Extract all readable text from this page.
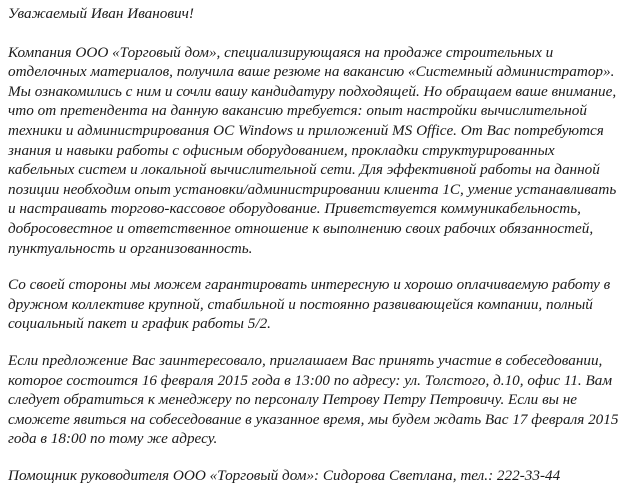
Уважаемый Иван Иванович!

Компания ООО «Торговый дом», специализирующаяся на продаже строительных и отделочных материалов, получила ваше резюме на вакансию «Системный администратор». Мы ознакомились с ним и сочли вашу кандидатуру подходящей. Но обращаем ваше внимание, что от претендента на данную вакансию требуется: опыт настройки вычислительной техники и администрирования ОС Windows и приложений MS Office. От Вас потребуются знания и навыки работы с офисным оборудованием, прокладки структурированных кабельных систем и локальной вычислительной сети. Для эффективной работы на данной позиции необходим опыт установки/администрировании клиента 1С, умение устанавливать и настраивать торгово-кассовое оборудование. Приветствуется коммуникабельность, добросовестное и ответственное отношение к выполнению своих рабочих обязанностей, пунктуальность и организованность.

Со своей стороны мы можем гарантировать интересную и хорошо оплачиваемую работу в дружном коллективе крупной, стабильной и постоянно развивающейся компании, полный социальный пакет и график работы 5/2.

Если предложение Вас заинтересовало, приглашаем Вас принять участие в собеседовании, которое состоится 16 февраля 2015 года в 13:00 по адресу: ул. Толстого, д.10, офис 11. Вам следует обратиться к менеджеру по персоналу Петрову Петру Петровичу. Если вы не сможете явиться на собеседование в указанное время, мы будем ждать Вас 17 февраля 2015 года в 18:00 по тому же адресу.

Помощник руководителя ООО «Торговый дом»: Сидорова Светлана, тел.: 222-33-44
